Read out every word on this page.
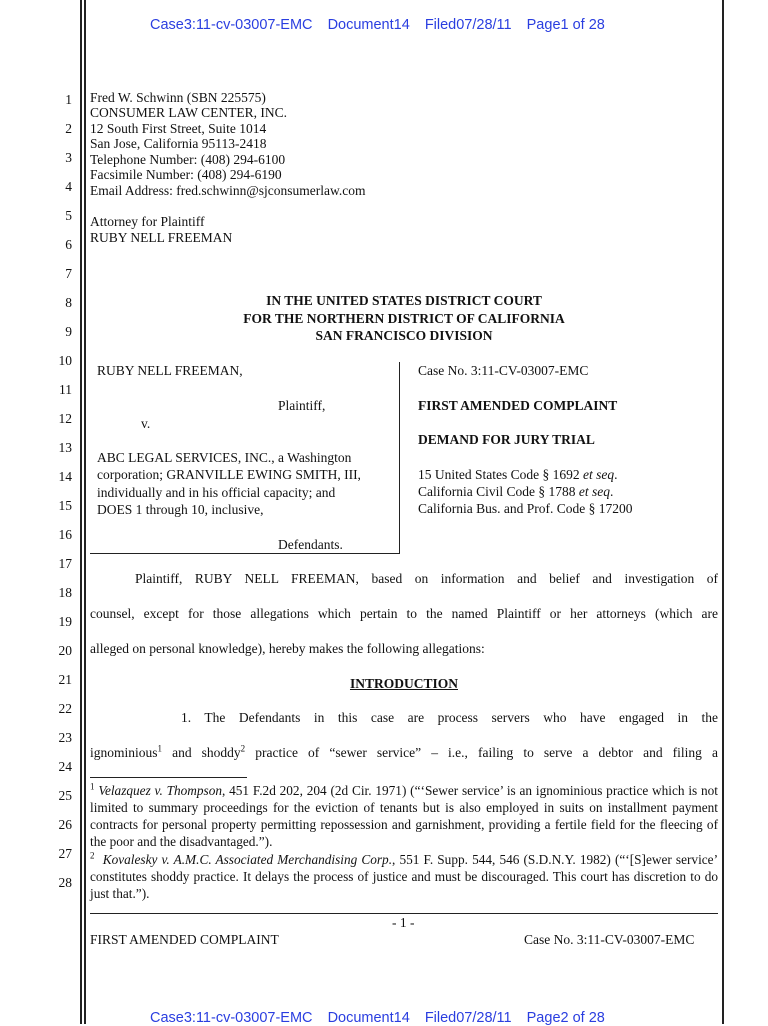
Case3:11-cv-03007-EMC Document14 Filed07/28/11 Page1 of 28
1
2
3
4
5
6
7
8
9
10
11
12
13
14
15
16
17
18
19
20
21
22
23
24
25
26
27
28
Fred W. Schwinn (SBN 225575)
CONSUMER LAW CENTER, INC.
12 South First Street, Suite 1014
San Jose, California 95113-2418
Telephone Number: (408) 294-6100
Facsimile Number: (408) 294-6190
Email Address: fred.schwinn@sjconsumerlaw.com
Attorney for Plaintiff
RUBY NELL FREEMAN
IN THE UNITED STATES DISTRICT COURT
FOR THE NORTHERN DISTRICT OF CALIFORNIA
SAN FRANCISCO DIVISION
RUBY NELL FREEMAN,
Plaintiff,
v.
ABC LEGAL SERVICES, INC., a Washington
corporation; GRANVILLE EWING SMITH, III,
individually and in his official capacity; and
DOES 1 through 10, inclusive,
Defendants.
Case No. 3:11-CV-03007-EMC
FIRST AMENDED COMPLAINT
DEMAND FOR JURY TRIAL
15 United States Code § 1692 et seq.
California Civil Code § 1788 et seq.
California Bus. and Prof. Code § 17200
Plaintiff, RUBY NELL FREEMAN, based on information and belief and investigation of
counsel, except for those allegations which pertain to the named Plaintiff or her attorneys (which are
alleged on personal knowledge), hereby makes the following allegations:
INTRODUCTION
1. The Defendants in this case are process servers who have engaged in the
ignominious$^1$ and shoddy$^2$ practice of “sewer service” – i.e., failing to serve a debtor and filing a
$^1$ Velazquez v. Thompson, 451 F.2d 202, 204 (2d Cir. 1971) (“‘Sewer service’ is an ignominious practice which is not limited to summary proceedings for the eviction of tenants but is also employed in suits on installment payment contracts for personal property permitting repossession and garnishment, providing a fertile field for the fleecing of the poor and the disadvantaged.”).
$^2$ Kovalesky v. A.M.C. Associated Merchandising Corp., 551 F. Supp. 544, 546 (S.D.N.Y. 1982) (“‘[S]ewer service’ constitutes shoddy practice. It delays the process of justice and must be discouraged. This court has discretion to do just that.”).
- 1 -
FIRST AMENDED COMPLAINT	Case No. 3:11-CV-03007-EMC
Case3:11-cv-03007-EMC Document14 Filed07/28/11 Page2 of 28
